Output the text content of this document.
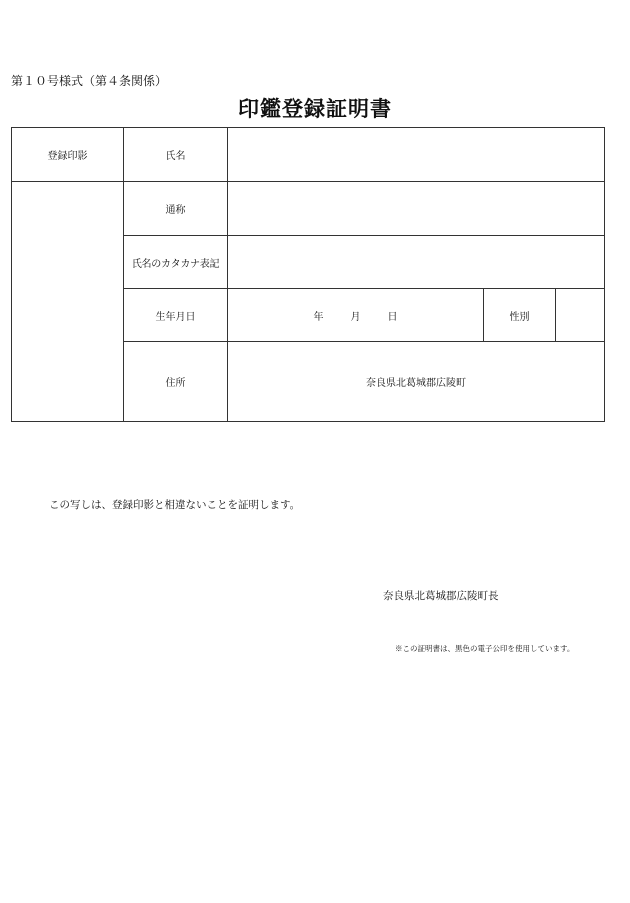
第１０号様式（第４条関係）
印鑑登録証明書
登録印影	氏名			
	通称			
	氏名のカタカナ表記			
	生年月日	年 月 日	性別	
	住所	奈良県北葛城郡広陵町		
この写しは、登録印影と相違ないことを証明します。
奈良県北葛城郡広陵町長
※この証明書は、黒色の電子公印を使用しています。
